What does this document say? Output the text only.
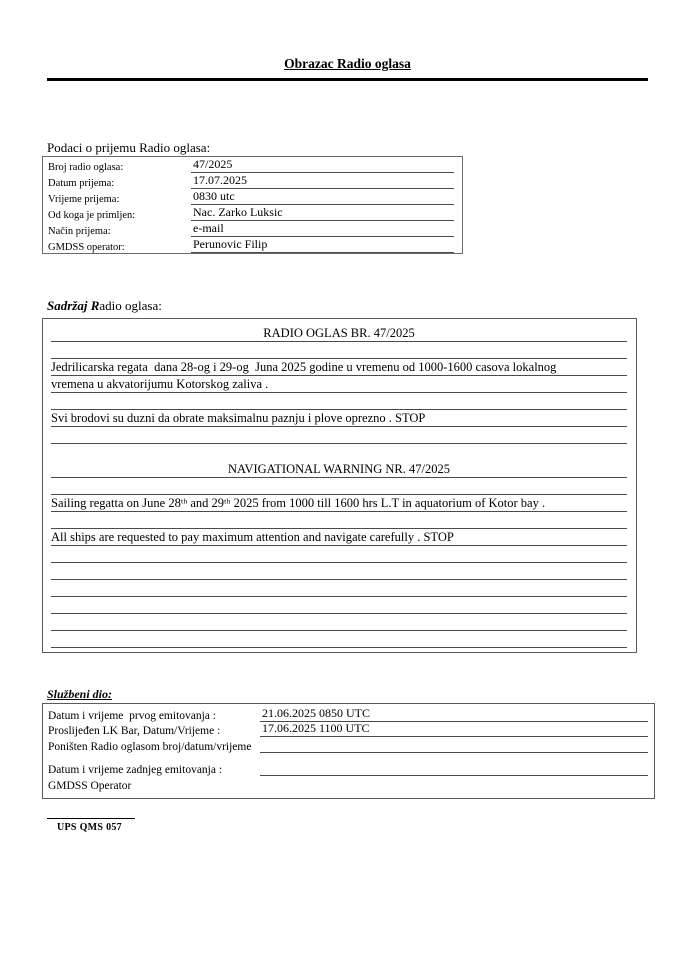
Obrazac Radio oglasa
Podaci o prijemu Radio oglasa:
Broj radio oglasa:	47/2025
Datum prijema:	17.07.2025
Vrijeme prijema:	0830 utc
Od koga je primljen:	Nac. Zarko Luksic
Način prijema:	e-mail
GMDSS operator:	Perunovic Filip
Sadržaj Radio oglasa:
RADIO OGLAS BR. 47/2025
Jedrilicarska regata  dana 28-og i 29-og  Juna 2025 godine u vremenu od 1000-1600 casova lokalnog
vremena u akvatorijumu Kotorskog zaliva .
Svi brodovi su duzni da obrate maksimalnu paznju i plove oprezno . STOP
NAVIGATIONAL WARNING NR. 47/2025
Sailing regatta on June 28ᵗʰ and 29ᵗʰ 2025 from 1000 till 1600 hrs L.T in aquatorium of Kotor bay .
All ships are requested to pay maximum attention and navigate carefully . STOP
Službeni dio:
Datum i vrijeme  prvog emitovanja :	21.06.2025 0850 UTC
Proslijeđen LK Bar, Datum/Vrijeme :	17.06.2025 1100 UTC
Poništen Radio oglasom broj/datum/vrijeme
Datum i vrijeme zadnjeg emitovanja :
GMDSS Operator
UPS QMS 057
